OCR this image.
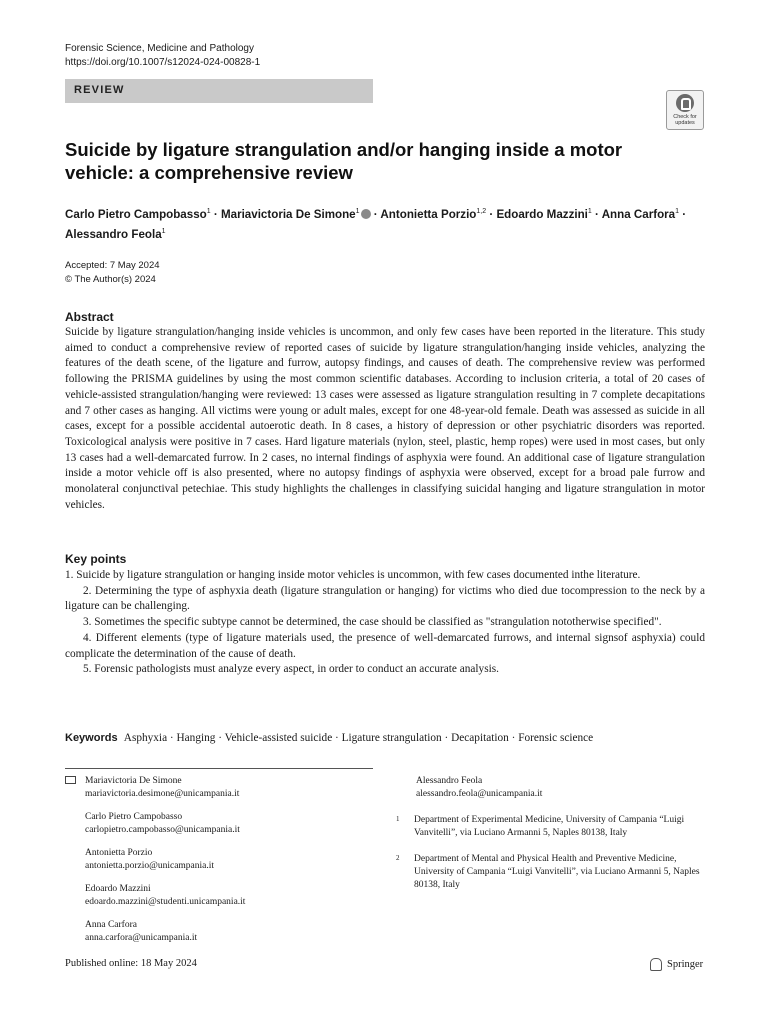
Forensic Science, Medicine and Pathology
https://doi.org/10.1007/s12024-024-00828-1
REVIEW
Check for updates
Suicide by ligature strangulation and/or hanging inside a motor
vehicle: a comprehensive review
Carlo Pietro Campobasso$^1$ · Mariavictoria De Simone$^1$ · Antonietta Porzio$^{1,2}$ · Edoardo Mazzini$^1$ · Anna Carfora$^1$ ·
Alessandro Feola$^1$
Accepted: 7 May 2024
© The Author(s) 2024
Abstract
Suicide by ligature strangulation/hanging inside vehicles is uncommon, and only few cases have been reported in the literature. This study aimed to conduct a comprehensive review of reported cases of suicide by ligature strangulation/hanging inside vehicles, analyzing the features of the death scene, of the ligature and furrow, autopsy findings, and causes of death. The comprehensive review was performed following the PRISMA guidelines by using the most common scientific databases. According to inclusion criteria, a total of 20 cases of vehicle-assisted strangulation/hanging were reviewed: 13 cases were assessed as ligature strangulation resulting in 7 complete decapitations and 7 other cases as hanging. All victims were young or adult males, except for one 48-year-old female. Death was assessed as suicide in all cases, except for a possible accidental autoerotic death. In 8 cases, a history of depression or other psychiatric disorders was reported. Toxicological analysis were positive in 7 cases. Hard ligature materials (nylon, steel, plastic, hemp ropes) were used in most cases, but only 13 cases had a well-demarcated furrow. In 2 cases, no internal findings of asphyxia were found. An additional case of ligature strangulation inside a motor vehicle off is also presented, where no autopsy findings of asphyxia were observed, except for a broad pale furrow and monolateral conjunctival petechiae. This study highlights the challenges in classifying suicidal hanging and ligature strangulation in motor vehicles.
Key points

1. Suicide by ligature strangulation or hanging inside motor vehicles is uncommon, with few cases documented inthe literature.

2. Determining the type of asphyxia death (ligature strangulation or hanging) for victims who died due tocompression to the neck by a ligature can be challenging.

3. Sometimes the specific subtype cannot be determined, the case should be classified as "strangulation nototherwise specified".

4. Different elements (type of ligature materials used, the presence of well-demarcated furrows, and internal signsof asphyxia) could complicate the determination of the cause of death.

5. Forensic pathologists must analyze every aspect, in order to conduct an accurate analysis.

Keywords Asphyxia · Hanging · Vehicle-assisted suicide · Ligature strangulation · Decapitation · Forensic science
Mariavictoria De Simone
mariavictoria.desimone@unicampania.it
Carlo Pietro Campobasso
carlopietro.campobasso@unicampania.it
Antonietta Porzio
antonietta.porzio@unicampania.it
Edoardo Mazzini
edoardo.mazzini@studenti.unicampania.it
Anna Carfora
anna.carfora@unicampania.it
Alessandro Feola
alessandro.feola@unicampania.it
1	Department of Experimental Medicine, University of Campania “Luigi Vanvitelli”, via Luciano Armanni 5, Naples 80138, Italy
2	Department of Mental and Physical Health and Preventive Medicine, University of Campania “Luigi Vanvitelli”, via Luciano Armanni 5, Naples 80138, Italy
Published online: 18 May 2024	Springer
